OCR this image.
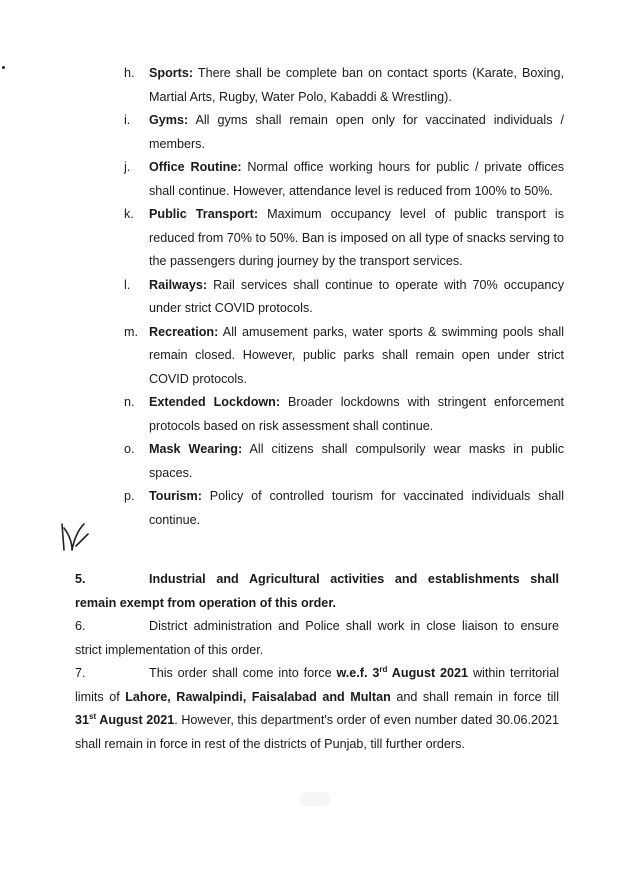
h.	Sports: There shall be complete ban on contact sports (Karate, Boxing, Martial Arts, Rugby, Water Polo, Kabaddi & Wrestling).
i.	Gyms: All gyms shall remain open only for vaccinated individuals / members.
j.	Office Routine: Normal office working hours for public / private offices shall continue. However, attendance level is reduced from 100% to 50%.
k.	Public Transport: Maximum occupancy level of public transport is reduced from 70% to 50%. Ban is imposed on all type of snacks serving to the passengers during journey by the transport services.
l.	Railways: Rail services shall continue to operate with 70% occupancy under strict COVID protocols.
m. Recreation: All amusement parks, water sports & swimming pools shall remain closed. However, public parks shall remain open under strict COVID protocols.
n.	Extended Lockdown: Broader lockdowns with stringent enforcement protocols based on risk assessment shall continue.
o.	Mask Wearing: All citizens shall compulsorily wear masks in public spaces.
p.	Tourism: Policy of controlled tourism for vaccinated individuals shall continue.
5.	Industrial and Agricultural activities and establishments shall remain exempt from operation of this order.
6.	District administration and Police shall work in close liaison to ensure strict implementation of this order.
7.	This order shall come into force w.e.f. 3rd August 2021 within territorial limits of Lahore, Rawalpindi, Faisalabad and Multan and shall remain in force till 31st August 2021. However, this department's order of even number dated 30.06.2021 shall remain in force in rest of the districts of Punjab, till further orders.
